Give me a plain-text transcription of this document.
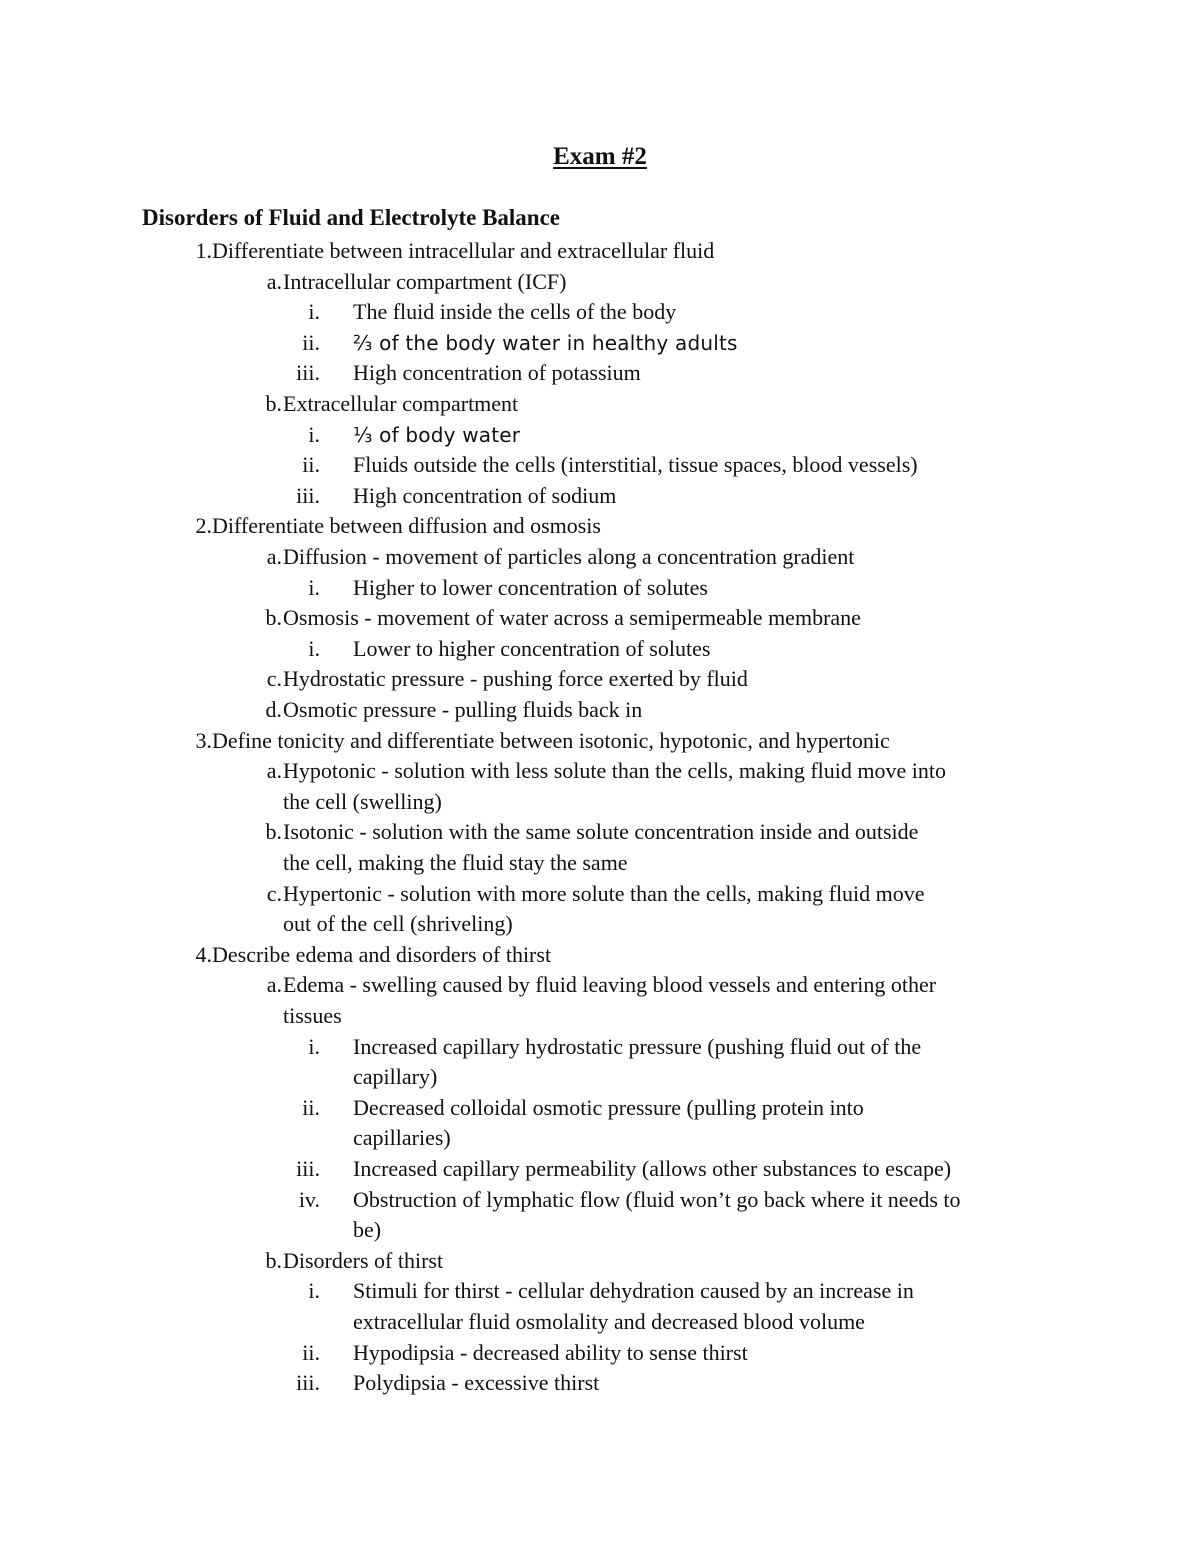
Exam #2
Disorders of Fluid and Electrolyte Balance
1. Differentiate between intracellular and extracellular fluid
a. Intracellular compartment (ICF)
i. The fluid inside the cells of the body
ii. ⅔ of the body water in healthy adults
iii. High concentration of potassium
b. Extracellular compartment
i. ⅓ of body water
ii. Fluids outside the cells (interstitial, tissue spaces, blood vessels)
iii. High concentration of sodium
2. Differentiate between diffusion and osmosis
a. Diffusion - movement of particles along a concentration gradient
i. Higher to lower concentration of solutes
b. Osmosis - movement of water across a semipermeable membrane
i. Lower to higher concentration of solutes
c. Hydrostatic pressure - pushing force exerted by fluid
d. Osmotic pressure - pulling fluids back in
3. Define tonicity and differentiate between isotonic, hypotonic, and hypertonic
a. Hypotonic - solution with less solute than the cells, making fluid move into
the cell (swelling)
b. Isotonic - solution with the same solute concentration inside and outside
the cell, making the fluid stay the same
c. Hypertonic - solution with more solute than the cells, making fluid move
out of the cell (shriveling)
4. Describe edema and disorders of thirst
a. Edema - swelling caused by fluid leaving blood vessels and entering other
tissues
i. Increased capillary hydrostatic pressure (pushing fluid out of the
capillary)
ii. Decreased colloidal osmotic pressure (pulling protein into
capillaries)
iii. Increased capillary permeability (allows other substances to escape)
iv. Obstruction of lymphatic flow (fluid won’t go back where it needs to
be)
b. Disorders of thirst
i. Stimuli for thirst - cellular dehydration caused by an increase in
extracellular fluid osmolality and decreased blood volume
ii. Hypodipsia - decreased ability to sense thirst
iii. Polydipsia - excessive thirst
